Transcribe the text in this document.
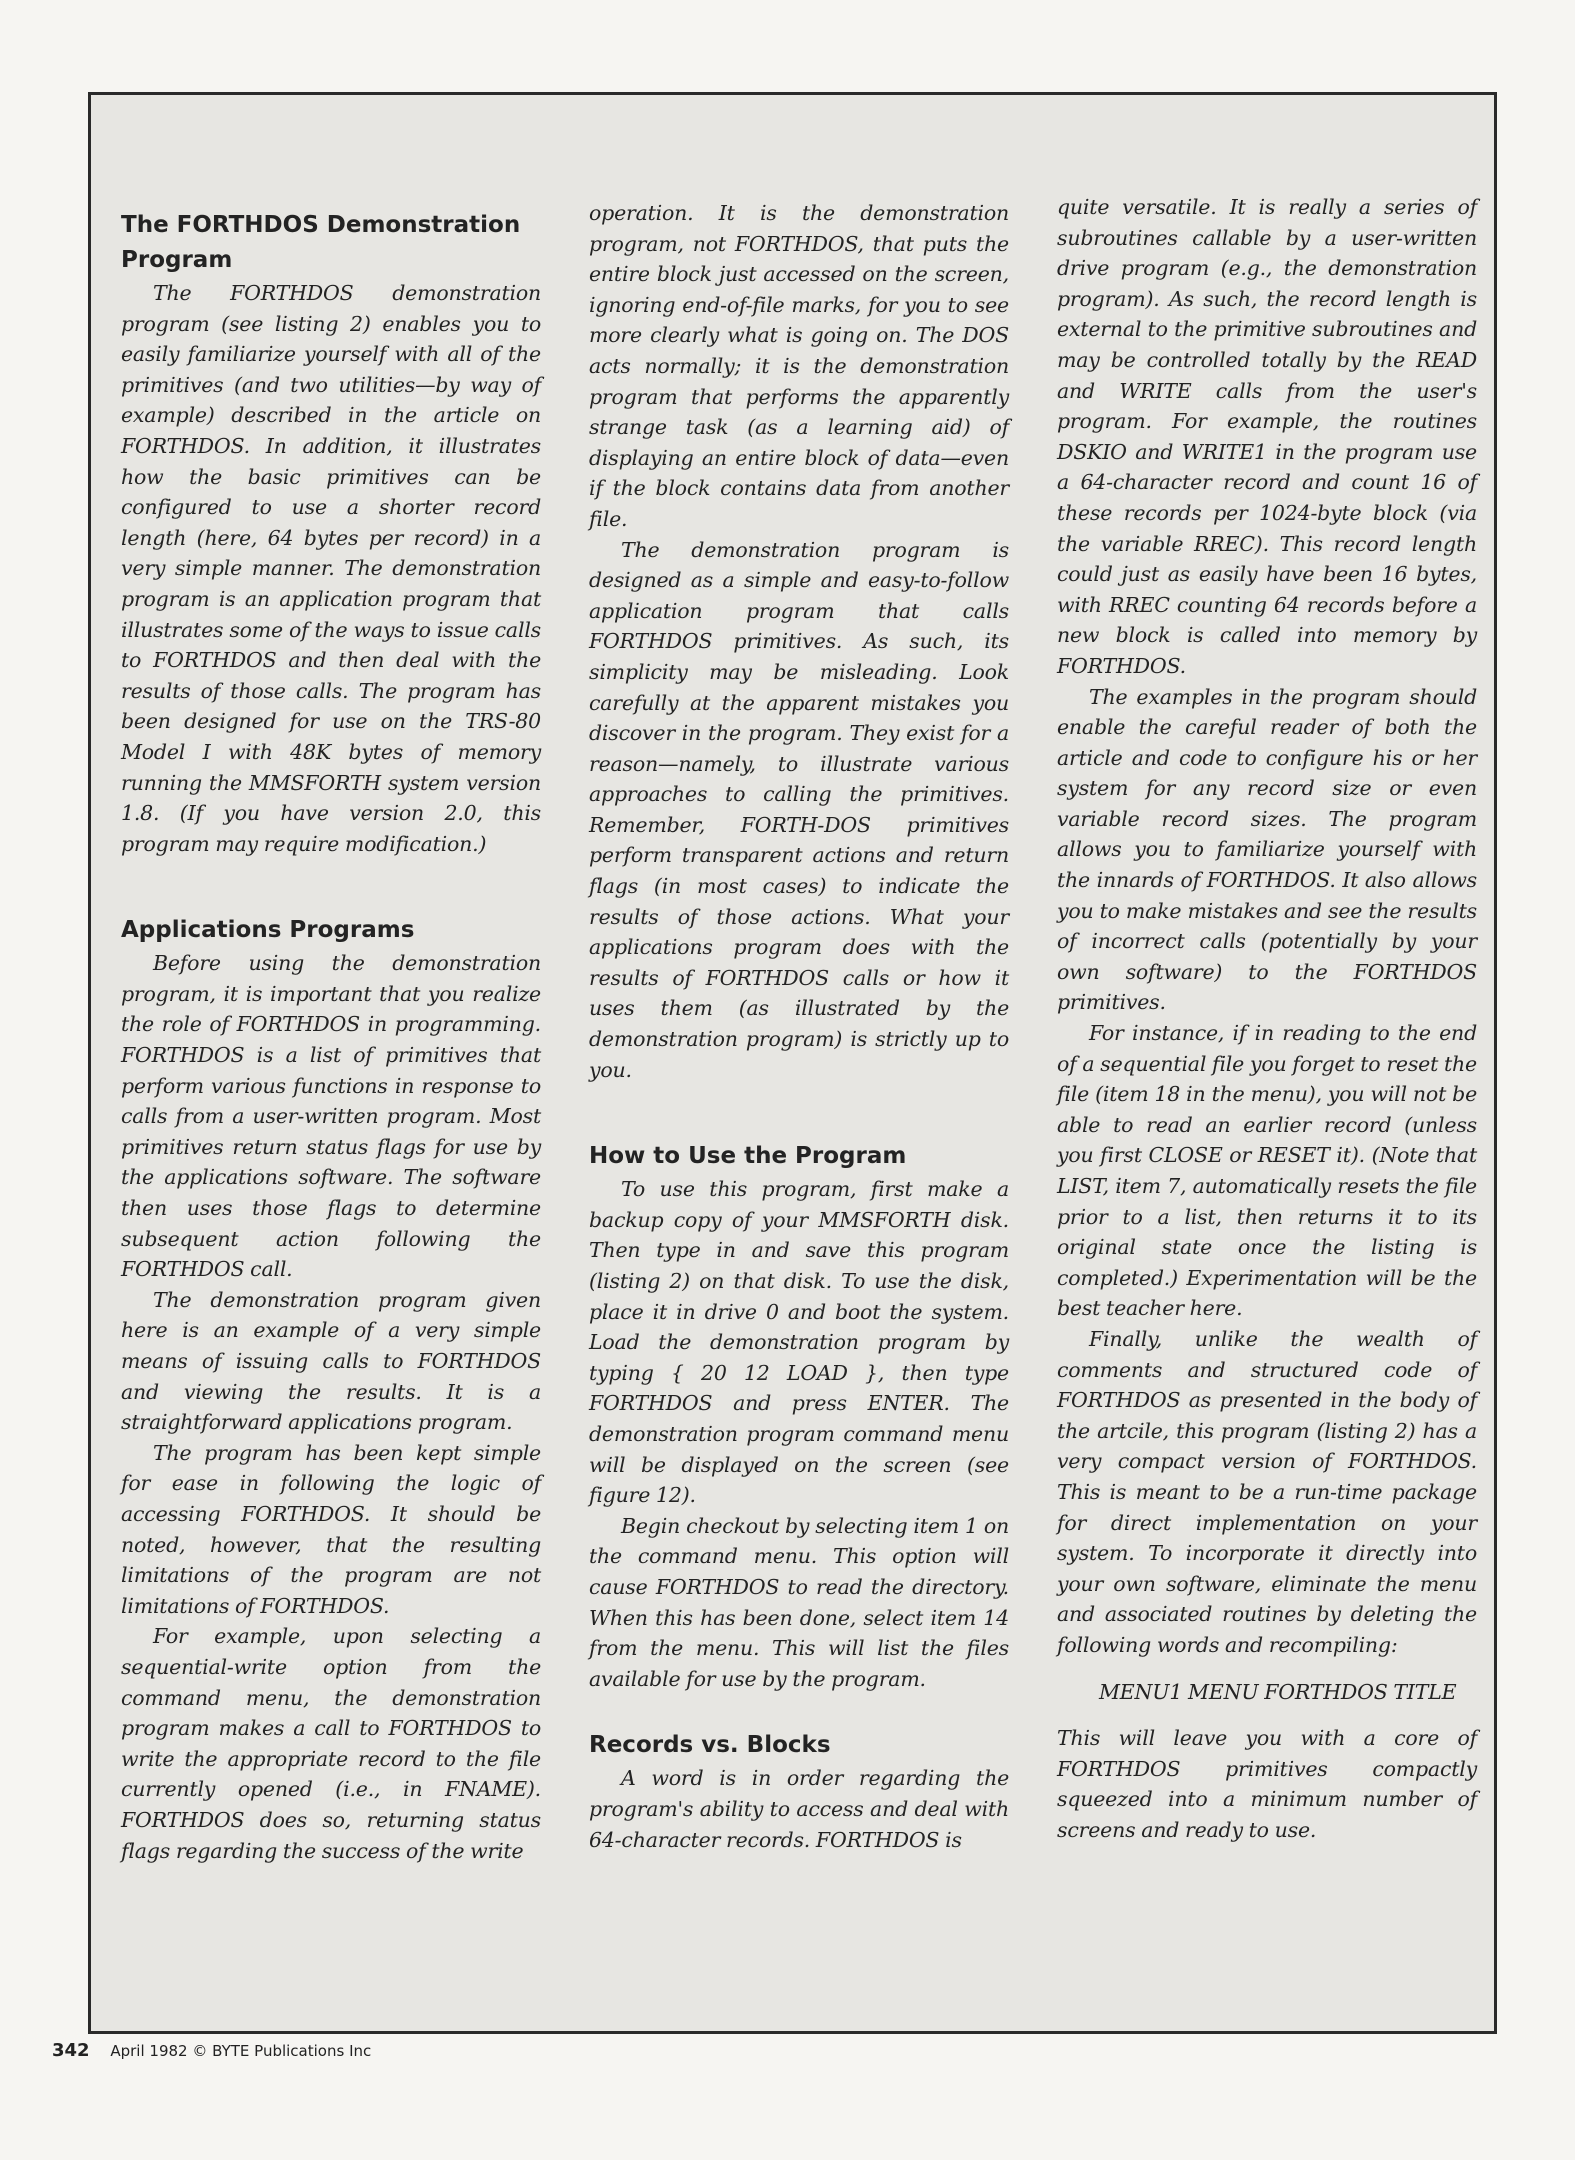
The FORTHDOS Demonstration Program

The FORTHDOS demonstration program (see listing 2) enables you to easily familiarize yourself with all of the primitives (and two utilities—by way of example) described in the article on FORTHDOS. In addition, it illustrates how the basic primitives can be configured to use a shorter record length (here, 64 bytes per record) in a very simple manner. The demonstration program is an application program that illustrates some of the ways to issue calls to FORTHDOS and then deal with the results of those calls. The program has been designed for use on the TRS-80 Model I with 48K bytes of memory running the MMSFORTH system version 1.8. (If you have version 2.0, this program may require modification.)

Applications Programs

Before using the demonstration program, it is important that you realize the role of FORTHDOS in programming. FORTHDOS is a list of primitives that perform various functions in response to calls from a user-written program. Most primitives return status flags for use by the applications software. The software then uses those flags to determine subsequent action following the FORTHDOS call.

The demonstration program given here is an example of a very simple means of issuing calls to FORTHDOS and viewing the results. It is a straightforward applications program.

The program has been kept simple for ease in following the logic of accessing FORTHDOS. It should be noted, however, that the resulting limitations of the program are not limitations of FORTHDOS.

For example, upon selecting a sequential-write option from the command menu, the demonstration program makes a call to FORTHDOS to write the appropriate record to the file currently opened (i.e., in FNAME). FORTHDOS does so, returning status flags regarding the success of the write

operation. It is the demonstration program, not FORTHDOS, that puts the entire block just accessed on the screen, ignoring end-of-file marks, for you to see more clearly what is going on. The DOS acts normally; it is the demonstration program that performs the apparently strange task (as a learning aid) of displaying an entire block of data—even if the block contains data from another file.

The demonstration program is designed as a simple and easy-to-follow application program that calls FORTHDOS primitives. As such, its simplicity may be misleading. Look carefully at the apparent mistakes you discover in the program. They exist for a reason—namely, to illustrate various approaches to calling the primitives. Remember, FORTH-DOS primitives perform transparent actions and return flags (in most cases) to indicate the results of those actions. What your applications program does with the results of FORTHDOS calls or how it uses them (as illustrated by the demonstration program) is strictly up to you.

How to Use the Program

To use this program, first make a backup copy of your MMSFORTH disk. Then type in and save this program (listing 2) on that disk. To use the disk, place it in drive 0 and boot the system. Load the demonstration program by typing { 20 12 LOAD }, then type FORTHDOS and press ENTER. The demonstration program command menu will be displayed on the screen (see figure 12).

Begin checkout by selecting item 1 on the command menu. This option will cause FORTHDOS to read the directory. When this has been done, select item 14 from the menu. This will list the files available for use by the program.

Records vs. Blocks

A word is in order regarding the program's ability to access and deal with 64-character records. FORTHDOS is

quite versatile. It is really a series of subroutines callable by a user-written drive program (e.g., the demonstration program). As such, the record length is external to the primitive subroutines and may be controlled totally by the READ and WRITE calls from the user's program. For example, the routines DSKIO and WRITE1 in the program use a 64-character record and count 16 of these records per 1024-byte block (via the variable RREC). This record length could just as easily have been 16 bytes, with RREC counting 64 records before a new block is called into memory by FORTHDOS.

The examples in the program should enable the careful reader of both the article and code to configure his or her system for any record size or even variable record sizes. The program allows you to familiarize yourself with the innards of FORTHDOS. It also allows you to make mistakes and see the results of incorrect calls (potentially by your own software) to the FORTHDOS primitives.

For instance, if in reading to the end of a sequential file you forget to reset the file (item 18 in the menu), you will not be able to read an earlier record (unless you first CLOSE or RESET it). (Note that LIST, item 7, automatically resets the file prior to a list, then returns it to its original state once the listing is completed.) Experimentation will be the best teacher here.

Finally, unlike the wealth of comments and structured code of FORTHDOS as presented in the body of the artcile, this program (listing 2) has a very compact version of FORTHDOS. This is meant to be a run-time package for direct implementation on your system. To incorporate it directly into your own software, eliminate the menu and associated routines by deleting the following words and recompiling:

MENU1 MENU FORTHDOS TITLE

This will leave you with a core of FORTHDOS primitives compactly squeezed into a minimum number of screens and ready to use.

342 April 1982 © BYTE Publications Inc
